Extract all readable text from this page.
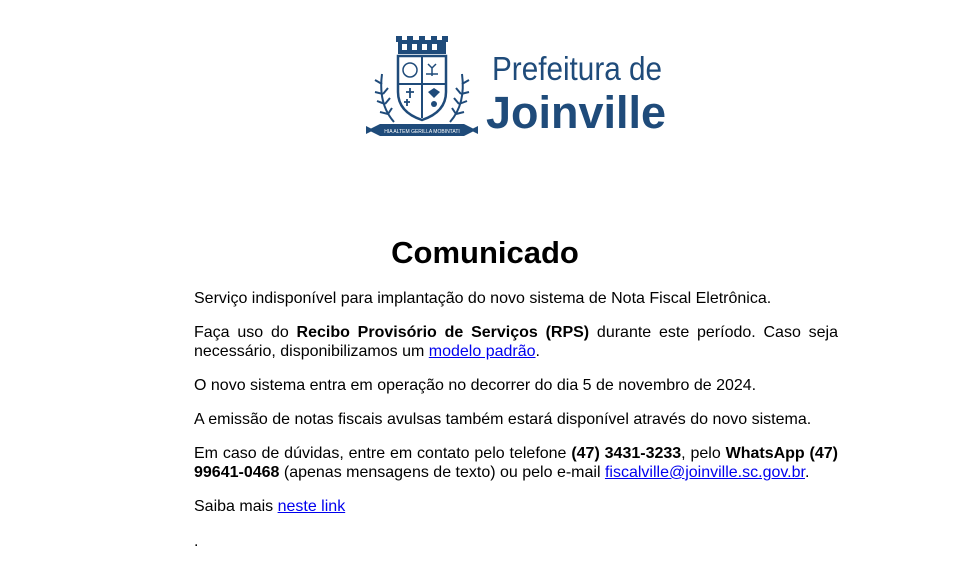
HIA ALTEM GERILLA MOBINTATI
Prefeitura de
Joinville
Comunicado

Serviço indisponível para implantação do novo sistema de Nota Fiscal Eletrônica.

Faça uso do Recibo Provisório de Serviços (RPS) durante este período. Caso seja necessário, disponibilizamos um modelo padrão.

O novo sistema entra em operação no decorrer do dia 5 de novembro de 2024.

A emissão de notas fiscais avulsas também estará disponível através do novo sistema.

Em caso de dúvidas, entre em contato pelo telefone (47) 3431-3233, pelo WhatsApp (47) 99641-0468 (apenas mensagens de texto) ou pelo e-mail fiscalville@joinville.sc.gov.br.

Saiba mais neste link

.
